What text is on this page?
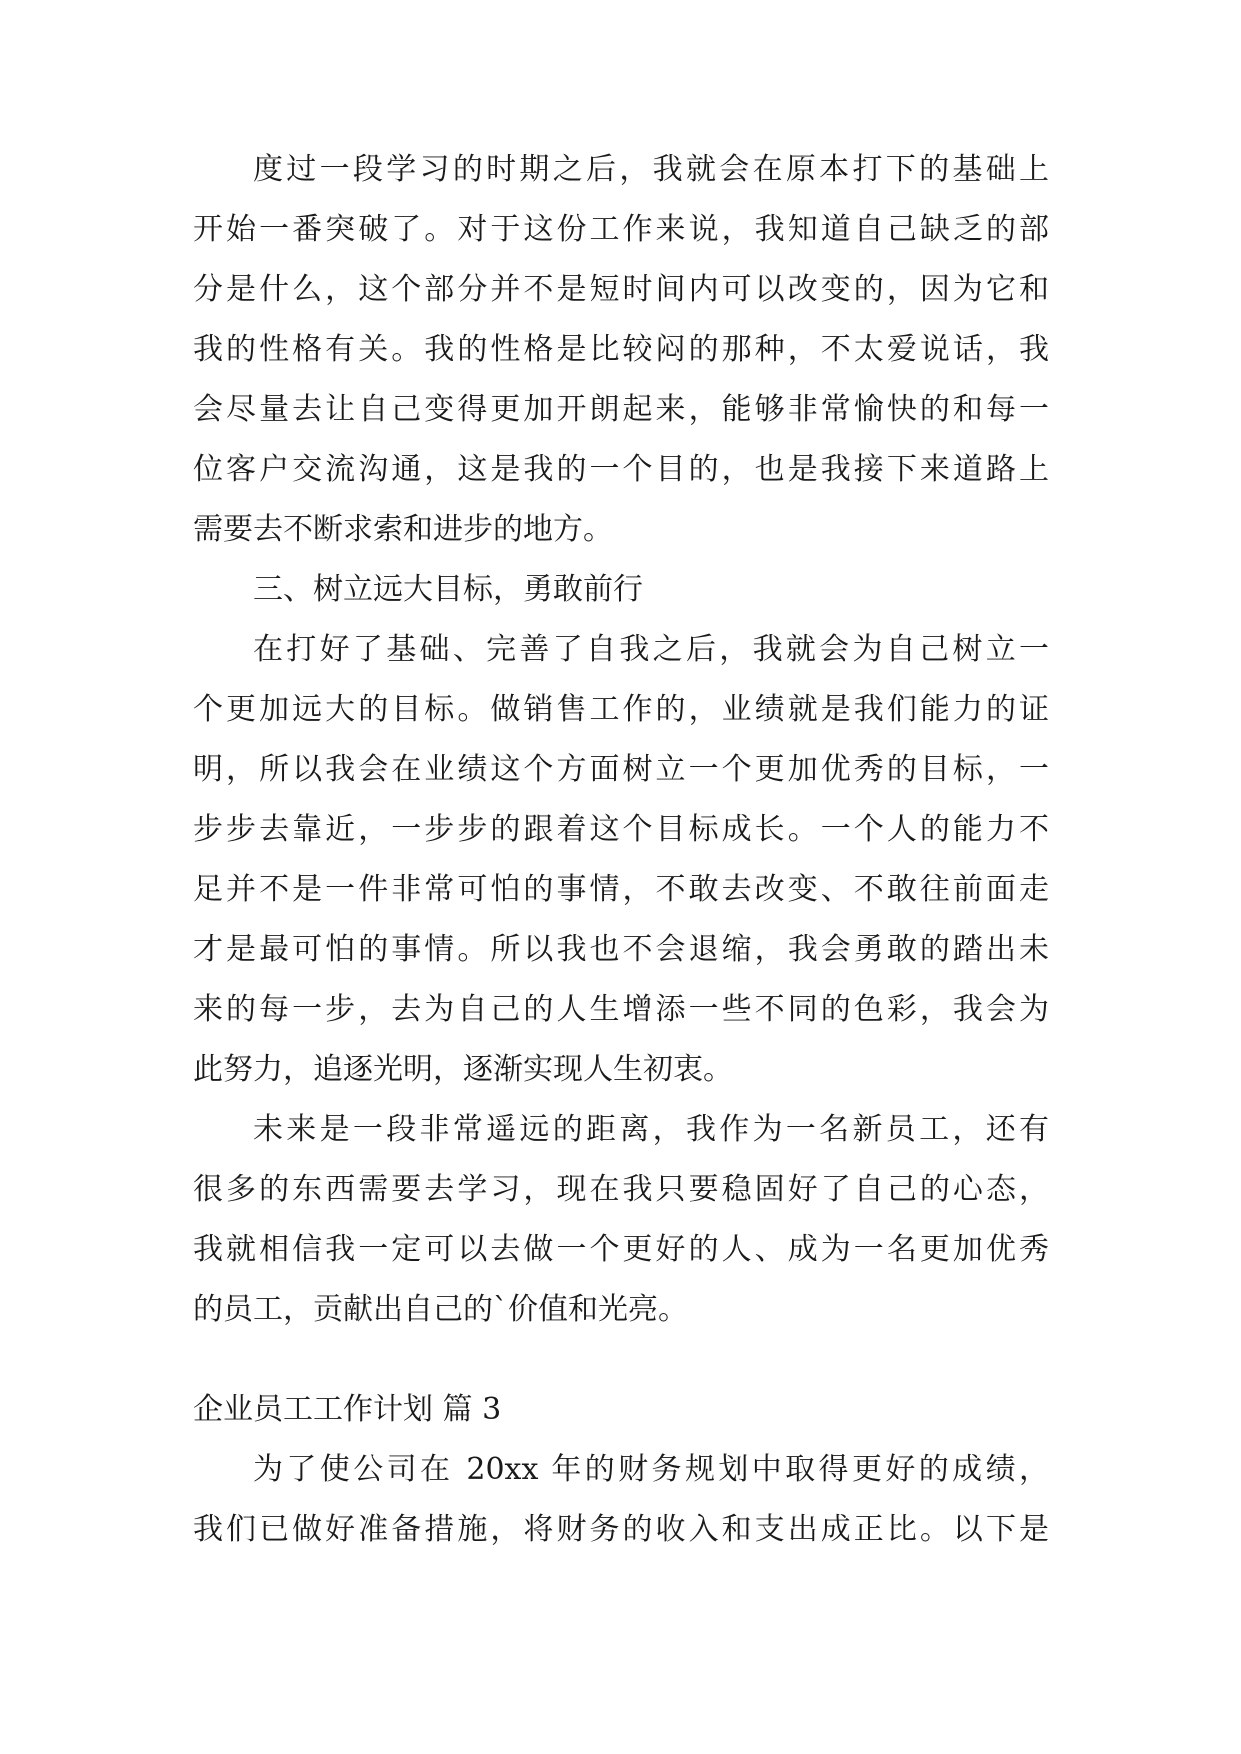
度过一段学习的时期之后，我就会在原本打下的基础上
开始一番突破了。对于这份工作来说，我知道自己缺乏的部
分是什么，这个部分并不是短时间内可以改变的，因为它和
我的性格有关。我的性格是比较闷的那种，不太爱说话，我
会尽量去让自己变得更加开朗起来，能够非常愉快的和每一
位客户交流沟通，这是我的一个目的，也是我接下来道路上
需要去不断求索和进步的地方。
三、树立远大目标，勇敢前行
在打好了基础、完善了自我之后，我就会为自己树立一
个更加远大的目标。做销售工作的，业绩就是我们能力的证
明，所以我会在业绩这个方面树立一个更加优秀的目标，一
步步去靠近，一步步的跟着这个目标成长。一个人的能力不
足并不是一件非常可怕的事情，不敢去改变、不敢往前面走
才是最可怕的事情。所以我也不会退缩，我会勇敢的踏出未
来的每一步，去为自己的人生增添一些不同的色彩，我会为
此努力，追逐光明，逐渐实现人生初衷。
未来是一段非常遥远的距离，我作为一名新员工，还有
很多的东西需要去学习，现在我只要稳固好了自己的心态，
我就相信我一定可以去做一个更好的人、成为一名更加优秀
的员工，贡献出自己的`价值和光亮。
企业员工工作计划 篇 3
为了使公司在 20xx 年的财务规划中取得更好的成绩，
我们已做好准备措施，将财务的收入和支出成正比。以下是
